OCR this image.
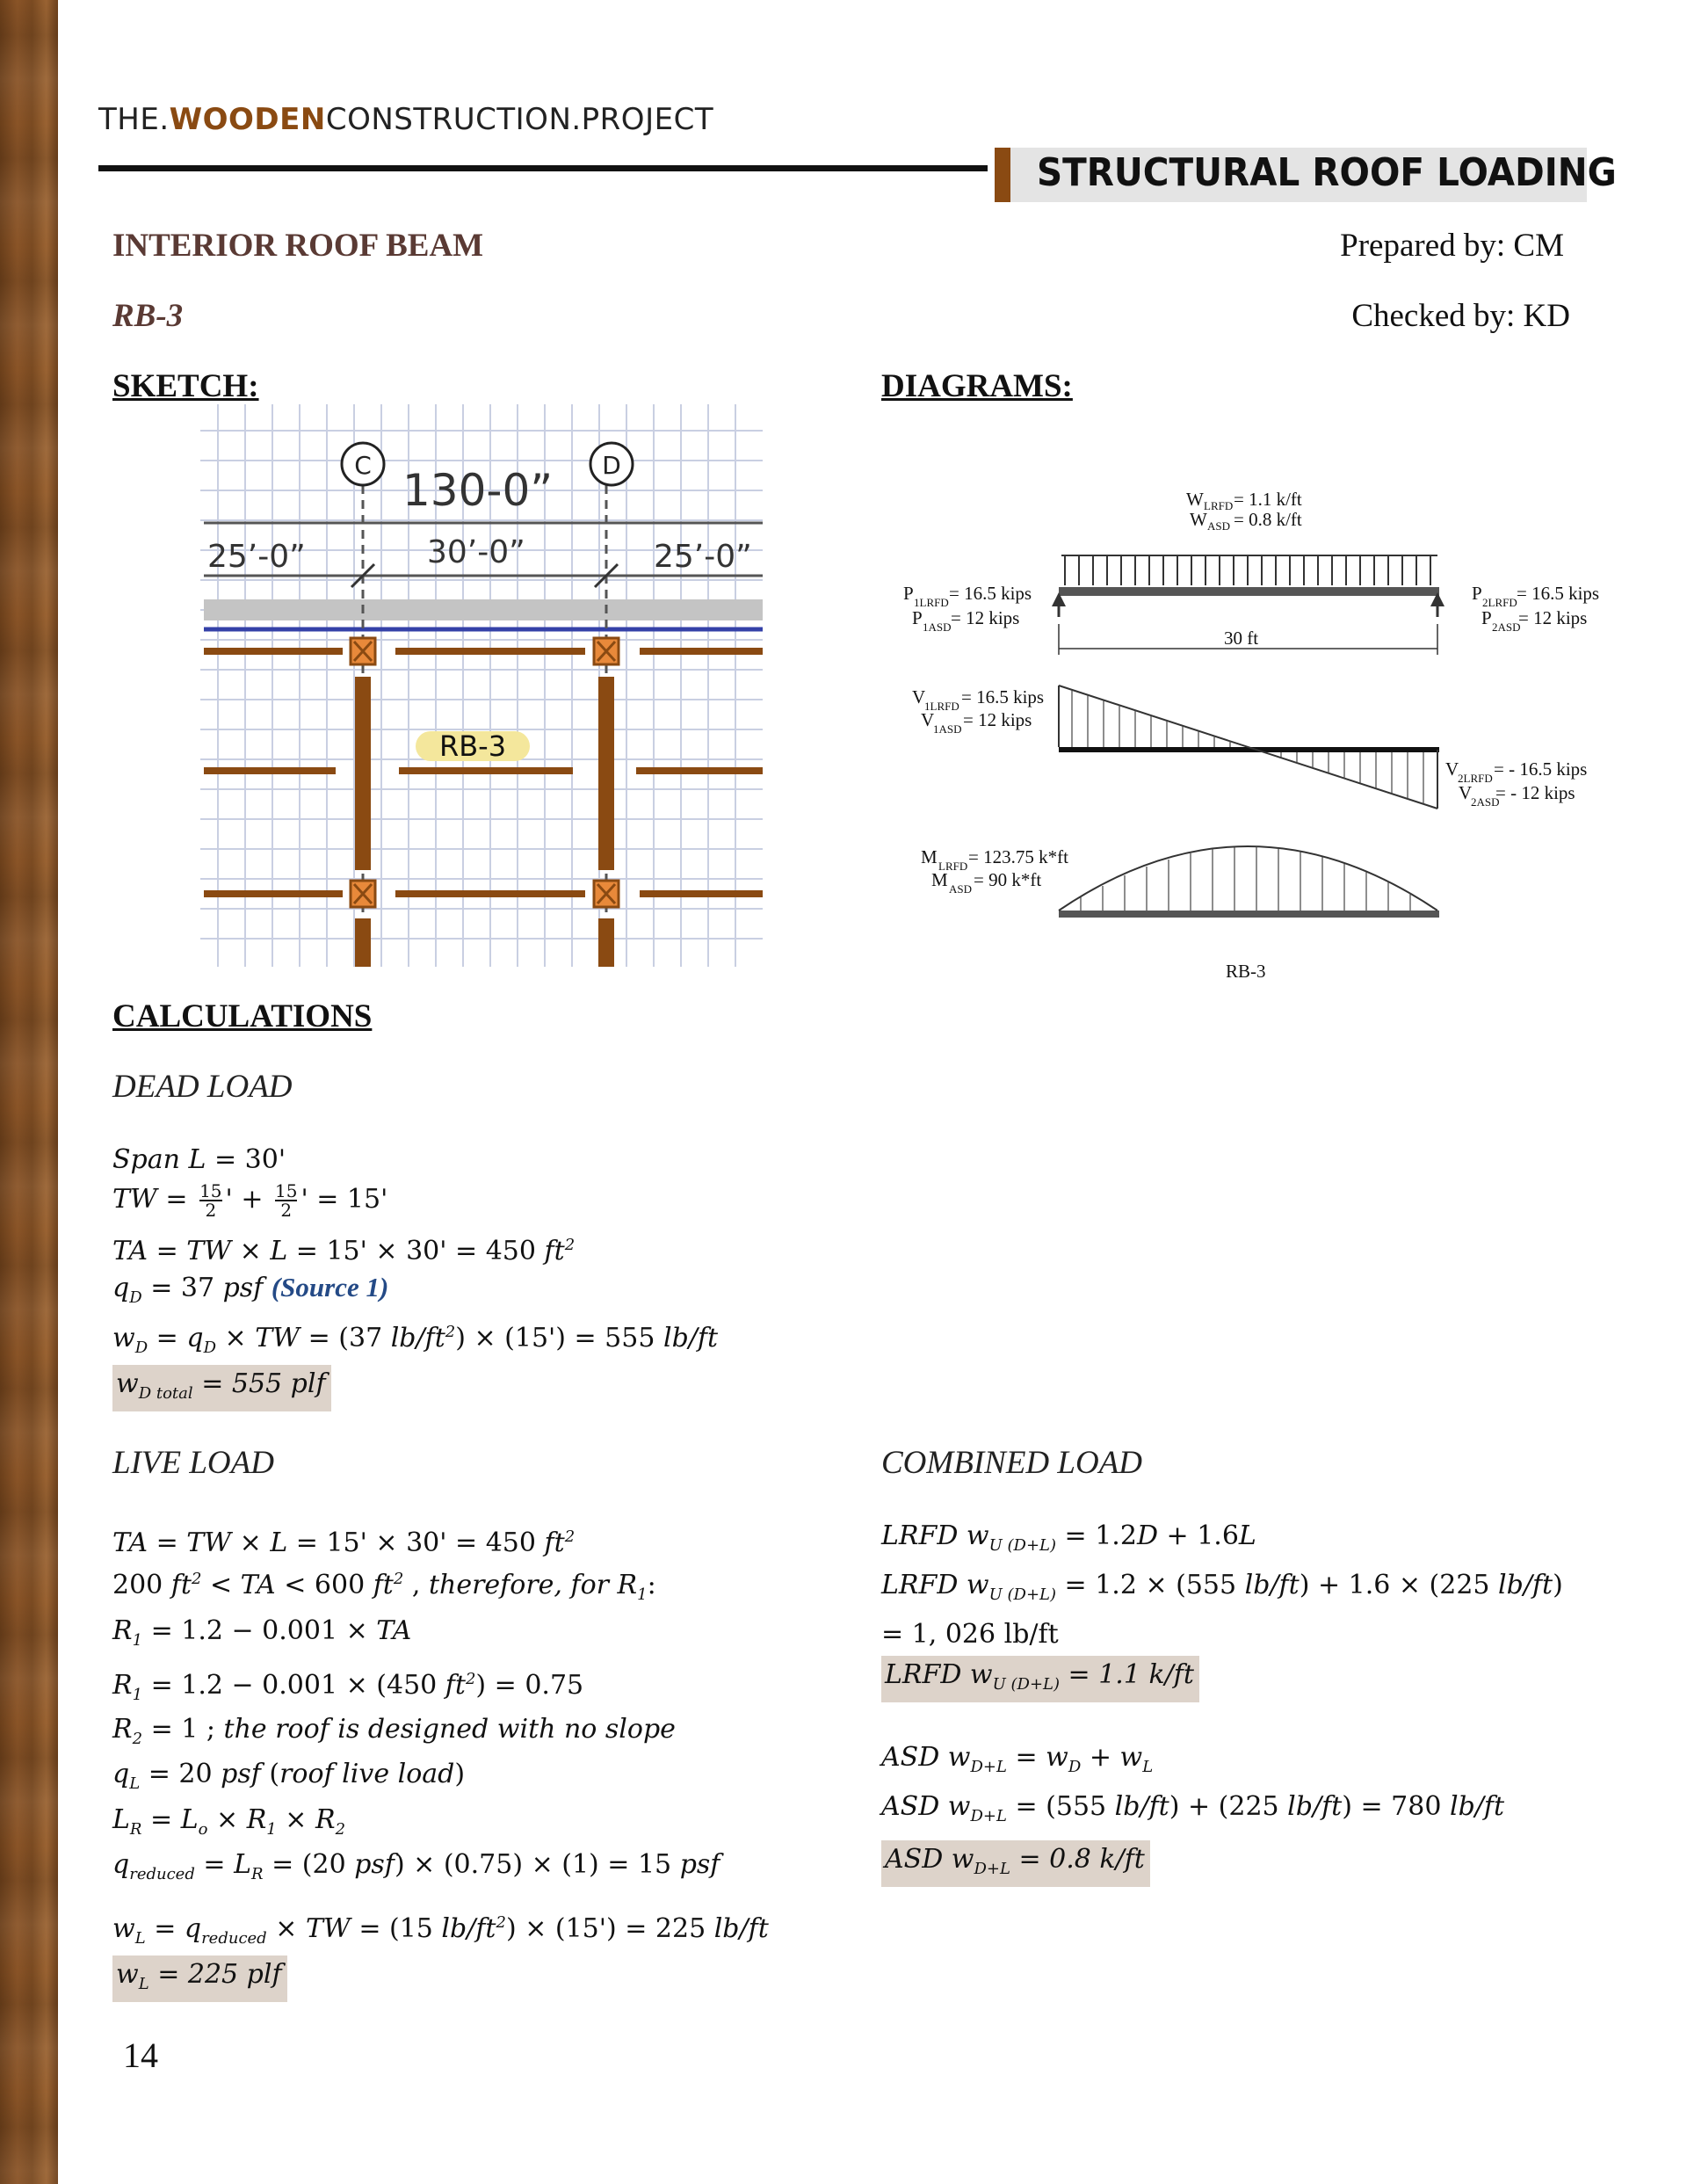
THE.WOODENCONSTRUCTION.PROJECT
STRUCTURAL ROOF LOADING
INTERIOR ROOF BEAM
RB-3
Prepared by: CM
Checked by: KD
SKETCH:	DIAGRAMS:
C	D
130-0”
25’-0”	30’-0”	25’-0”
RB-3
W LRFD = 1.1 k/ft
W ASD = 0.8 k/ft
30 ft
P 1LRFD = 16.5 kips
P 1ASD = 12 kips
P 2LRFD = 16.5 kips
P 2ASD
= 12 kips
V
1LRFD = 16.5 kips
V
1ASD = 12 kips
V
2LRFD = - 16.5 kips
V
2ASD
= - 12 kips
M LRFD = 123.75 k*ft
M ASD = 90 k*ft
RB-3
CALCULATIONS
DEAD LOAD
Span L = 30'
TW = $\frac{15}{2}$ ' + $\frac{15}{2}$ ' = 15'
TA = TW × L = 15' × 30' = 450 $ft^2$
$q_D = 37$ psf (Source 1)
$w_D = q_D$ × TW = (37 $lb/ft^2) \times (15') = 555$ lb/ft
$w_{D total} = 555$ plf
LIVE LOAD
TA = TW × L = 15' × 30' = 450 $ft^2$
200 $ft^2$ < TA < 600 $ft^2$ , therefore, for $R_1$:
$R_1 = 1.2 - 0.001$ × TA
$R_1 = 1.2 - 0.001 \times (450$ $ft^2) = 0.75$
$R_2 = 1$ ; the roof is designed with no slope
$q_L = 20$ psf (roof live load)
$L_R = L_o \times R_1 \times R_2$
$q_{reduced} = L_R = (20$ psf) × (0.75) × (1) = 15 psf
$w_L = q_{reduced}$ × TW = (15 $lb/ft^2) \times (15') = 225$ lb/ft
$w_L = 225$ plf
COMBINED LOAD
LRFD $w_{U (D+L)} = 1.2D + 1.6L$
LRFD $w_{U (D+L)} = 1.2 \times (555$ lb/ft) + 1.6 × (225 lb/ft)
= 1, 026 lb/ft
LRFD $w_{U (D+L)} = 1.1$ k/ft
ASD $w_{D+L} = w_D + w_L$
ASD $w_{D+L} = (555$ lb/ft) + (225 lb/ft) = 780 lb/ft
ASD $w_{D+L} = 0.8$ k/ft
14
